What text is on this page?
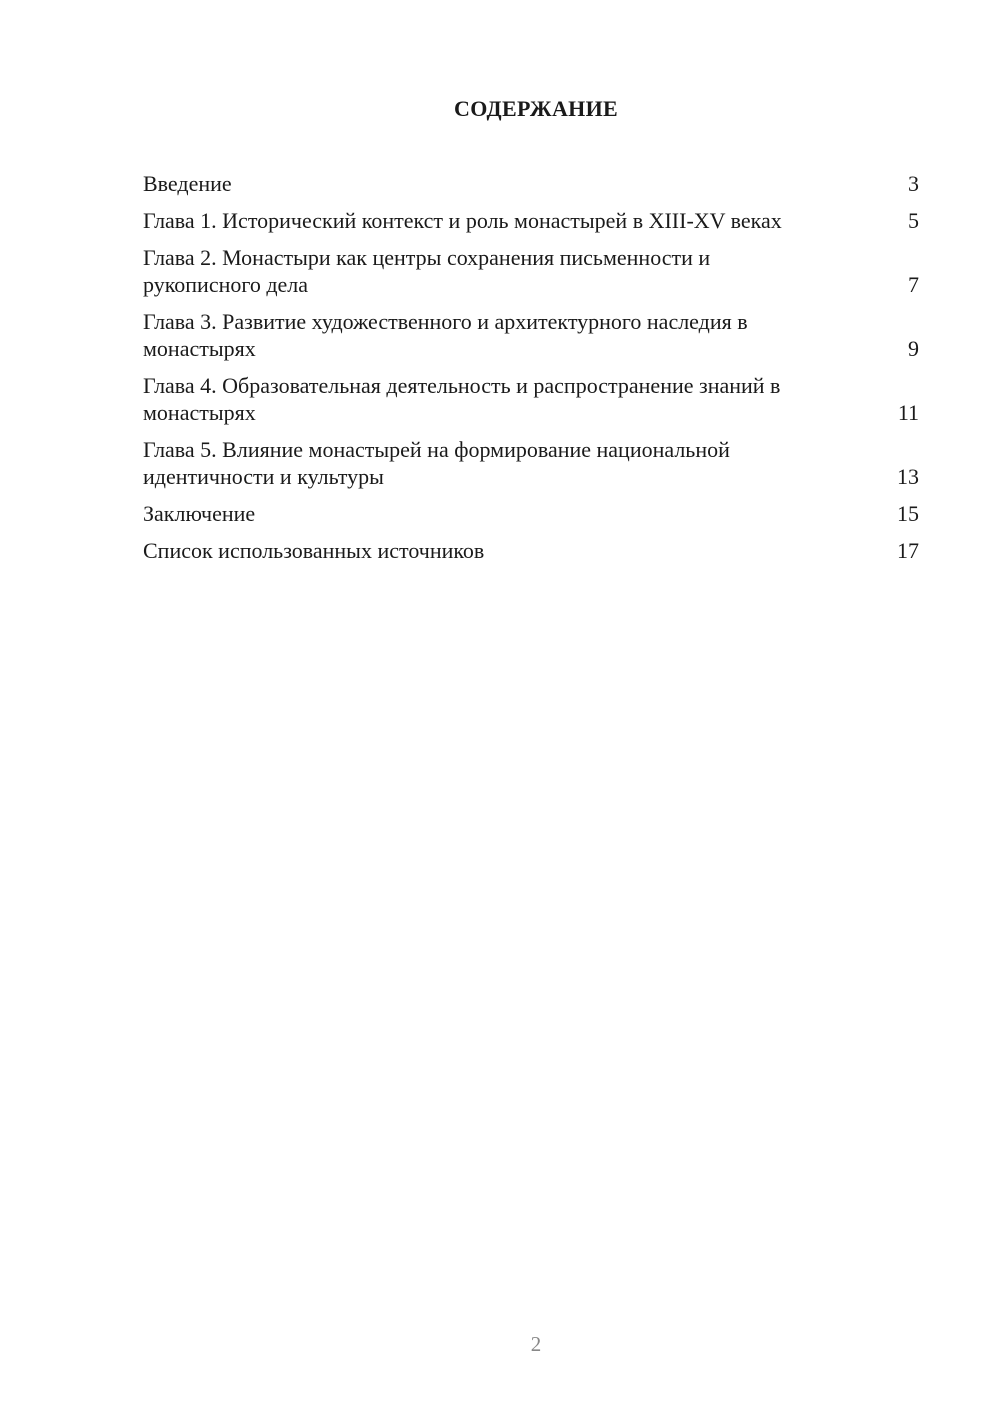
СОДЕРЖАНИЕ
Введение	3
Глава 1. Исторический контекст и роль монастырей в XIII-XV веках	5
Глава 2. Монастыри как центры сохранения письменности и рукописного дела	7
Глава 3. Развитие художественного и архитектурного наследия в монастырях	9
Глава 4. Образовательная деятельность и распространение знаний в монастырях	11
Глава 5. Влияние монастырей на формирование национальной идентичности и культуры	13
Заключение	15
Список использованных источников	17
2
